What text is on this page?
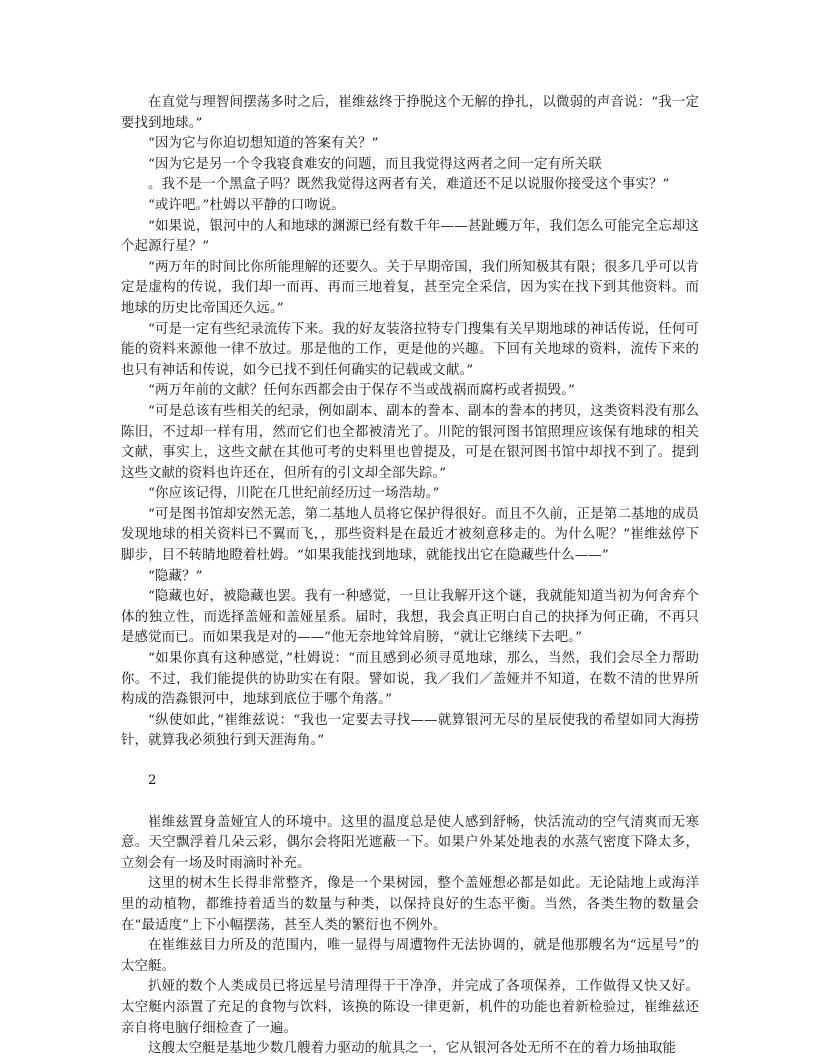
在直觉与理智间摆荡多时之后，崔维兹终于挣脱这个无解的挣扎，以微弱的声音说：“我一定要找到地球。”

“因为它与你迫切想知道的答案有关？”

“因为它是另一个令我寝食难安的问题，而且我觉得这两者之间一定有所关联

。我不是一个黑盒子吗？既然我觉得这两者有关，难道还不足以说服你接受这个事实？”

“或许吧。”杜姆以平静的口吻说。

“如果说，银河中的人和地球的渊源已经有数千年——甚趾蠖万年，我们怎么可能完全忘却这个起源行星？”

“两万年的时间比你所能理解的还要久。关于早期帝国，我们所知极其有限；很多几乎可以肯定是虚构的传说，我们却一而再、再而三地着复，甚至完全采信，因为实在找下到其他资料。而地球的历史比帝国还久远。”

“可是一定有些纪录流传下来。我的好友装洛拉特专门搜集有关早期地球的神话传说，任何可能的资料来源他一律不放过。那是他的工作，更是他的兴趣。下回有关地球的资料，流传下来的也只有神话和传说，如今已找不到任何确实的记载或文献。”

“两万年前的文献？任何东西都会由于保存不当或战祸而腐朽或者损毁。”

“可是总该有些相关的纪录，例如副本、副本的誊本、副本的誊本的拷贝，这类资料没有那么陈旧，不过却一样有用，然而它们也全都被清光了。川陀的银河图书馆照理应该保有地球的相关文献，事实上，这些文献在其他可考的史料里也曾提及，可是在银河图书馆中却找不到了。提到这些文献的资料也许还在，但所有的引文却全部失踪。”

“你应该记得，川陀在几世纪前经历过一场浩劫。”

“可是图书馆却安然无恙，第二基地人员将它保护得很好。而且不久前，正是第二基地的成员发现地球的相关资料已不翼而飞，，那些资料是在最近才被刻意移走的。为什么呢？”崔维兹停下脚步，目不转睛地瞪着杜姆。“如果我能找到地球，就能找出它在隐藏些什么——”

“隐藏？”

“隐藏也好，被隐藏也罢。我有一种感觉，一旦让我解开这个谜，我就能知道当初为何舍弃个体的独立性，而选择盖娅和盖娅星系。届时，我想，我会真正明白自己的抉择为何正确，不再只是感觉而已。而如果我是对的——”他无奈地耸耸肩膀，“就让它继续下去吧。”

“如果你真有这种感觉，”杜姆说：“而且感到必须寻觅地球，那么，当然，我们会尽全力帮助你。不过，我们能提供的协助实在有限。譬如说，我／我们／盖娅并不知道，在数不清的世界所构成的浩淼银河中，地球到底位于哪个角落。”

“纵使如此，”崔维兹说：“我也一定要去寻找——就算银河无尽的星辰使我的希望如同大海捞针，就算我必须独行到天涯海角。”

2

崔维兹置身盖娅宜人的环境中。这里的温度总是使人感到舒畅，快活流动的空气清爽而无寒意。天空飘浮着几朵云彩，偶尔会将阳光遮蔽一下。如果户外某处地表的水蒸气密度下降太多，立刻会有一场及时雨滴时补充。

这里的树木生长得非常整齐，像是一个果树园，整个盖娅想必都是如此。无论陆地上或海洋里的动植物，都维持着适当的数量与种类，以保持良好的生态平衡。当然，各类生物的数量会在“最适度”上下小幅摆荡，甚至人类的繁衍也不例外。

在崔维兹目力所及的范围内，唯一显得与周遭物件无法协调的，就是他那艘名为“远星号”的太空艇。

扒娅的数个人类成员已将远星号清理得干干净净，并完成了各项保养，工作做得又快又好。太空艇内添置了充足的食物与饮料，该换的陈设一律更新，机件的功能也着新检验过，崔维兹还亲自将电脑仔细检查了一遍。

这艘太空艇是基地少数几艘着力驱动的航具之一，它从银河各处无所不在的着力场抽取能
